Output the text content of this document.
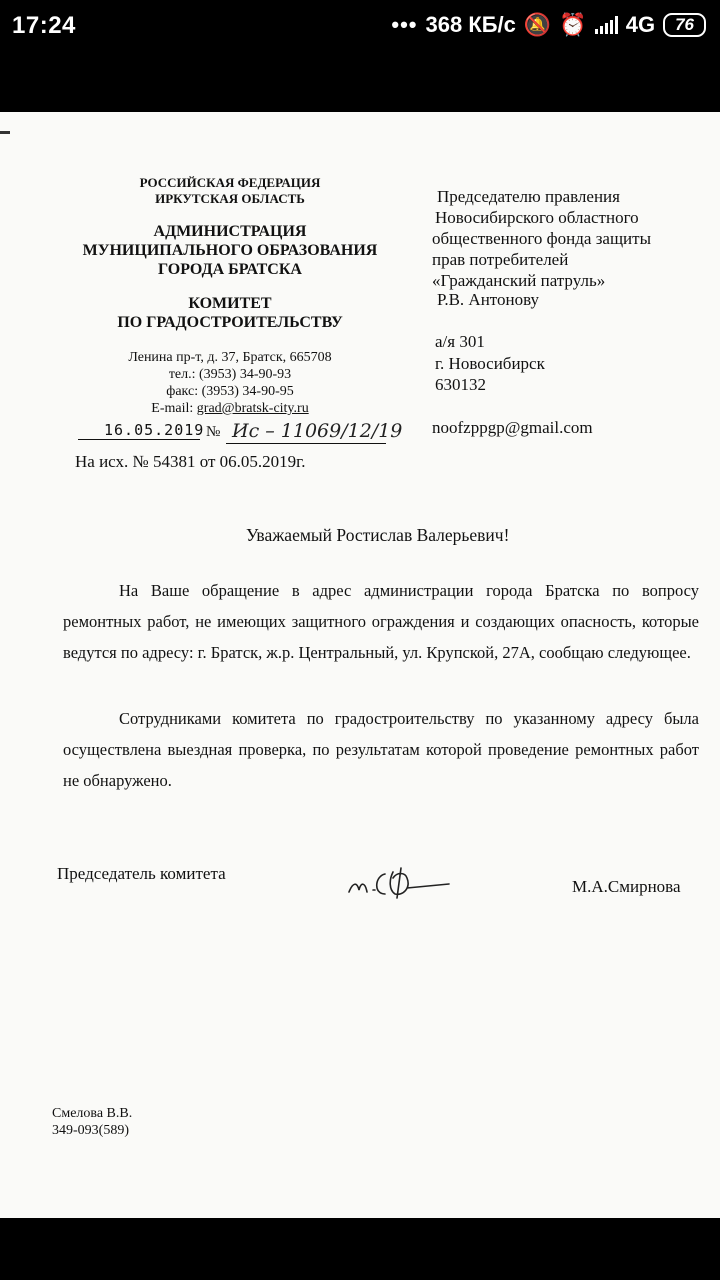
17:24	••• 368 КБ/с 🔕 ⏰ 4G	76
РОССИЙСКАЯ ФЕДЕРАЦИЯ
ИРКУТСКАЯ ОБЛАСТЬ
АДМИНИСТРАЦИЯ
МУНИЦИПАЛЬНОГО ОБРАЗОВАНИЯ
ГОРОДА БРАТСКА
КОМИТЕТ
ПО ГРАДОСТРОИТЕЛЬСТВУ
Ленина пр-т, д. 37, Братск, 665708
тел.: (3953) 34-90-93
факс: (3953) 34-90-95
E-mail: grad@bratsk-city.ru
16.05.2019 № Ис – 11069/12/19
На исх. № 54381 от 06.05.2019г.
Председателю правления
Новосибирского областного
общественного фонда защиты
прав потребителей
«Гражданский патруль»
Р.В. Антонову
а/я 301
г. Новосибирск
630132
noofzppgp@gmail.com
Уважаемый Ростислав Валерьевич!
На Ваше обращение в адрес администрации города Братска по вопросу ремонтных работ, не имеющих защитного ограждения и создающих опасность, которые ведутся по адресу: г. Братск, ж.р. Центральный, ул. Крупской, 27А, сообщаю следующее.
Сотрудниками комитета по градостроительству по указанному адресу была осуществлена выездная проверка, по результатам которой проведение ремонтных работ не обнаружено.
Председатель комитета
М.А.Смирнова
Смелова В.В.
349-093(589)
